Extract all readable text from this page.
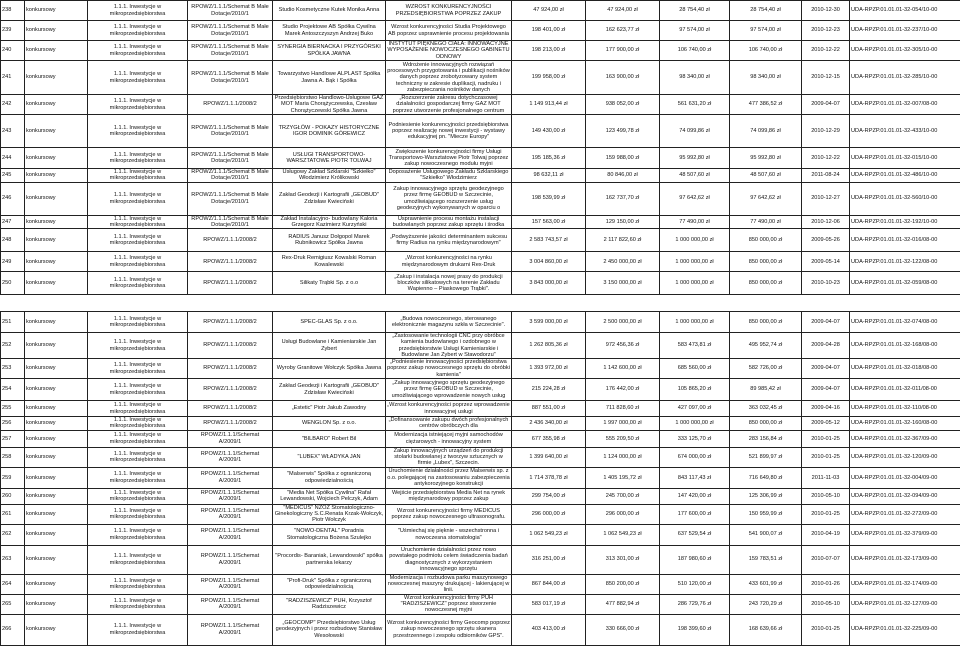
238	konkursowy	1.1.1. Inwestycje w mikroprzedsiębiorstwa	RPOWZ/1.1.1/Schemat B Małe Dotacje/2010/1	Studio Kosmetyczne Kutek Monika Anna	WZROST KONKURENCYJNOŚCI PRZEDSIĘBIORSTWA POPRZEZ ZAKUP	47 924,00 zł	47 924,00 zł	28 754,40 zł	28 754,40 zł	2010-12-30	UDA-RPZP.01.01.01-32-054/10-00
239	konkursowy	1.1.1. Inwestycje w mikroprzedsiębiorstwa	RPOWZ/1.1.1/Schemat B Małe Dotacje/2010/1	Studio Projektowe AB Spółka Cywilna Marek Antoszczyszyn Andrzej Buko	Wzrost konkurencyjności Studia Projektowego AB poprzez usprawnienie procesu projektowania	198 401,00 zł	162 623,77 zł	97 574,00 zł	97 574,00 zł	2010-12-23	UDA-RPZP.01.01.01-32-237/10-00
240	konkursowy	1.1.1. Inwestycje w mikroprzedsiębiorstwa	RPOWZ/1.1.1/Schemat B Małe Dotacje/2010/1	SYNERGIA BIERNACKA I PRZYGÓRSKI SPÓŁKA JAWNA	INSTYTUT PIĘKNEGO CIAŁA: INNOWACYJNE WYPOSAŻENIE NOWOCZESNEGO GABINETU ODNOWY	198 213,00 zł	177 900,00 zł	106 740,00 zł	106 740,00 zł	2010-12-22	UDA-RPZP.01.01.01-32-305/10-00
241	konkursowy	1.1.1. Inwestycje w mikroprzedsiębiorstwa	RPOWZ/1.1.1/Schemat B Małe Dotacje/2010/1	Towarzystwo Handlowe ALPLAST Spółka Jawna A. Bąk i Spółka	Wdrożenie innowacyjnych rozwiązań procesowych przygotowania i publikacji nośników danych poprzez zrobotyzowany system techniczny w zakresie duplikacji, nadruku i zabezpieczania nośników danych	199 958,00 zł	163 900,00 zł	98 340,00 zł	98 340,00 zł	2010-12-15	UDA-RPZP.01.01.01-32-285/10-00
242	konkursowy	1.1.1. Inwestycje w mikroprzedsiębiorstwa	RPOWZ/1.1.1/2008/2	Przedsiębiorstwo Handlowo-Usługowe GAZ MOT Maria Chorążyczewska, Czesław Chorążyczewski Spółka Jawna	„Rozszerzenie zakresu dotychczasowej działalności gospodarczej firmy GAZ MOT poprzez utworzenie profesjonalnego centrum	1 149 913,44 zł	938 052,00 zł	561 631,20 zł	477 386,52 zł	2009-04-07	UDA-RPZP.01.01.01-32-007/08-00
243	konkursowy	1.1.1. Inwestycje w mikroprzedsiębiorstwa	RPOWZ/1.1.1/Schemat B Małe Dotacje/2010/1	TRZYGŁÓW - POKAZY HISTORYCZNE IGOR DOMINIK GÓREWICZ	Podniesienie konkurencyjności przedsiębiorstwa poprzez realizację nowej inwestycji - wystawy edukacyjnej pn. "Miecze Europy"	149 430,00 zł	123 499,78 zł	74 099,86 zł	74 099,86 zł	2010-12-29	UDA-RPZP.01.01.01-32-433/10-00
244	konkursowy	1.1.1. Inwestycje w mikroprzedsiębiorstwa	RPOWZ/1.1.1/Schemat B Małe Dotacje/2010/1	USŁUGI TRANSPORTOWO-WARSZTATOWE PIOTR TOLWAJ	Zwiększenie konkurencyjności firmy Usługi Transportowo-Warsztatowe Piotr Tolwaj poprzez zakup nowoczesnego modułu myjni	195 185,36 zł	159 988,00 zł	95 992,80 zł	95 992,80 zł	2010-12-22	UDA-RPZP.01.01.01-32-015/10-00
245	konkursowy	1.1.1. Inwestycje w mikroprzedsiębiorstwa	RPOWZ/1.1.1/Schemat B Małe Dotacje/2010/1	Usługowy Zakład Szklarski "Szkiełko" Włodzimierz Królikowski	Doposażenie Usługowego Zakładu Szklarskiego "Szkiełko" Włodzimierz	98 632,11 zł	80 846,00 zł	48 507,60 zł	48 507,60 zł	2011-08-24	UDA-RPZP.01.01.01-32-486/10-00
246	konkursowy	1.1.1. Inwestycje w mikroprzedsiębiorstwa	RPOWZ/1.1.1/Schemat B Małe Dotacje/2010/1	Zakład Geodezji i Kartografii „GEOBUD" Zdzisław Kwieciński	Zakup innowacyjnego sprzętu geodezyjnego przez firmę GEOBUD w Szczecinie, umożliwiającego rozszerzenie usług geodezyjnych wykonywanych w oparciu o	198 539,99 zł	162 737,70 zł	97 642,62 zł	97 642,62 zł	2010-12-27	UDA-RPZP.01.01.01-32-560/10-00
247	konkursowy	1.1.1. Inwestycje w mikroprzedsiębiorstwa	RPOWZ/1.1.1/Schemat B Małe Dotacje/2010/1	Zakład Instalacyjno- budowlany Kaloria Grzegorz Kazimierz Kurzyński	Usprawnienie procesu montażu instalacji budowlanych poprzez zakup sprzętu i środka	157 563,00 zł	129 150,00 zł	77 490,00 zł	77 490,00 zł	2010-12-06	UDA-RPZP.01.01.01-32-192/10-00
248	konkursowy	1.1.1. Inwestycje w mikroprzedsiębiorstwa	RPOWZ/1.1.1/2008/2	RADIUS Janusz Dołgopol Marek Rubnikowicz Spółka Jawna	„Podwyższenie jakości determinantem sukcesu firmy Radius na rynku międzynarodowym"	2 583 743,57 zł	2 117 822,60 zł	1 000 000,00 zł	850 000,00 zł	2009-05-26	UDA-RPZP.01.01.01-32-016/08-00
249	konkursowy	1.1.1. Inwestycje w mikroprzedsiębiorstwa	RPOWZ/1.1.1/2008/2	Rex-Druk Remigiusz Kowalski Roman Kowalewski	„Wzrost konkurencyjności na rynku międzynarodowym drukarni Rex-Druk	3 004 860,00 zł	2 450 000,00 zł	1 000 000,00 zł	850 000,00 zł	2009-05-14	UDA-RPZP.01.01.01-32-122/08-00
250	konkursowy	1.1.1. Inwestycje w mikroprzedsiębiorstwa	RPOWZ/1.1.1/2008/2	Silikaty Trąbki Sp. z o.o	„Zakup i instalacja nowej prasy do produkcji bloczków silikatowych na terenie Zakładu Wapienno – Piaskowego Trąbki".	3 843 000,00 zł	3 150 000,00 zł	1 000 000,00 zł	850 000,00 zł	2010-10-23	UDA-RPZP.01.01.01-32-059/08-00
251	konkursowy	1.1.1. Inwestycje w mikroprzedsiębiorstwa	RPOWZ/1.1.1/2008/2	SPEC-GLAS Sp. z o.o.	„Budowa nowoczesnego, sterowanego elektronicznie magazynu szkła w Szczecinie".	3 599 000,00 zł	2 500 000,00 zł	1 000 000,00 zł	850 000,00 zł	2009-04-07	UDA-RPZP.01.01.01-32-074/08-00
252	konkursowy	1.1.1. Inwestycje w mikroprzedsiębiorstwa	RPOWZ/1.1.1/2008/2	Usługi Budowlane i Kamieniarskie Jan Zybert	„Zastosowanie technologii CNC przy obróbce kamienia budowlanego i ozdobnego w przedsiębiorstwie Usługi Kamieniarskie i Budowlane Jan Zybert w Stawodorzu"	1 262 805,36 zł	972 456,36 zł	583 473,81 zł	495 952,74 zł	2009-04-28	UDA-RPZP.01.01.01-32-168/08-00
253	konkursowy	1.1.1. Inwestycje w mikroprzedsiębiorstwa	RPOWZ/1.1.1/2008/2	Wyroby Granitowe Wołczyk Spółka Jawna	„Podniesienie innowacyjności przedsiębiorstwa poprzez zakup nowoczesnego sprzętu do obróbki kamienia"	1 393 972,00 zł	1 142 600,00 zł	685 560,00 zł	582 726,00 zł	2009-04-07	UDA-RPZP.01.01.01-32-018/08-00
254	konkursowy	1.1.1. Inwestycje w mikroprzedsiębiorstwa	RPOWZ/1.1.1/2008/2	Zakład Geodezji i Kartografii „GEOBUD" Zdzisław Kwieciński	„Zakup innowacyjnego sprzętu geodezyjnego przez firmę GEOBUD w Szczecinie, umożliwiającego wprowadzenie nowych usług	215 224,28 zł	176 442,00 zł	105 865,20 zł	89 985,42 zł	2009-04-07	UDA-RPZP.01.01.01-32-011/08-00
255	konkursowy	1.1.1. Inwestycje w mikroprzedsiębiorstwa	RPOWZ/1.1.1/2008/2	„Estetic" Piotr Jakub Zawodny	„Wzrost konkurencyjności poprzez wprowadzenie innowacyjnej usługi	887 551,00 zł	711 828,60 zł	427 097,00 zł	363 032,45 zł	2009-04-16	UDA-RPZP.01.01.01-32-110/08-00
256	konkursowy	1.1.1. Inwestycje w mikroprzedsiębiorstwa	RPOWZ/1.1.1/2008/2	WENGLON Sp. z o.o.	„Dofinansowanie zakupu dwóch profesjonalnych centrów obróbczych dla	2 436 340,00 zł	1 997 000,00 zł	1 000 000,00 zł	850 000,00 zł	2009-05-12	UDA-RPZP.01.01.01-32-160/08-00
257	konkursowy	1.1.1. Inwestycje w mikroprzedsiębiorstwa	RPOWZ/1.1.1/Schemat A/2009/1	"BILBARO" Robert Bil	Modernizacja istniejącej myjni samochodów ciężarowych - innowacyjny system	677 355,98 zł	555 209,50 zł	333 125,70 zł	283 156,84 zł	2010-01-25	UDA-RPZP.01.01.01-32-367/09-00
258	konkursowy	1.1.1. Inwestycje w mikroprzedsiębiorstwa	RPOWZ/1.1.1/Schemat A/2009/1	"LUBEX" WŁADYKA JAN	Zakup innowacyjnych urządzeń do produkcji stolarki budowlanej z tworzyw sztucznych w firmie „Lubex", Szczecin.	1 399 640,00 zł	1 124 000,00 zł	674 000,00 zł	521 899,97 zł	2010-01-25	UDA-RPZP.01.01.01-32-120/09-00
259	konkursowy	1.1.1. Inwestycje w mikroprzedsiębiorstwa	RPOWZ/1.1.1/Schemat A/2009/1	"Malserwis" Spółka z ograniczoną odpowiedzialnością	Uruchomienie działalności przez Malserwis sp. z o.o. polegającej na zastosowaniu zabezpieczenia antykorozyjnego konstrukcji	1 714 378,78 zł	1 405 195,72 zł	843 117,43 zł	716 649,80 zł	2011-11-03	UDA-RPZP.01.01.01-32-004/09-00
260	konkursowy	1.1.1. Inwestycje w mikroprzedsiębiorstwa	RPOWZ/1.1.1/Schemat A/2009/1	"Media Net Spółka Cywilna" Rafał Lewandowski, Wojciech Pelczyk, Adam	Wejście przedsiębiorstwa Media Net na rynek międzynarodowy poprzez zakup	299 754,00 zł	245 700,00 zł	147 420,00 zł	125 306,99 zł	2010-05-10	UDA-RPZP.01.01.01-32-094/09-00
261	konkursowy	1.1.1. Inwestycje w mikroprzedsiębiorstwa	RPOWZ/1.1.1/Schemat A/2009/1	"MEDICUS" NZOZ Stomatologiczno-Ginekologiczny S.C.Renata Krzak-Wołczyk, Piotr Wołczyk	Wzrost konkurencyjności firmy MEDICUS poprzez zakup nowoczesnego ultrasonografu.	296 000,00 zł	296 000,00 zł	177 600,00 zł	150 959,99 zł	2010-01-25	UDA-RPZP.01.01.01-32-272/09-00
262	konkursowy	1.1.1. Inwestycje w mikroprzedsiębiorstwa	RPOWZ/1.1.1/Schemat A/2009/1	"NOWO-DENTAL" Poradnia Stomatologiczna Bożena Szulejko	"Uśmiechaj się pięknie - wszechstronna i nowoczesna stomatologia"	1 062 549,23 zł	1 062 549,23 zł	637 529,54 zł	541 900,07 zł	2010-04-19	UDA-RPZP.01.01.01-32-379/09-00
263	konkursowy	1.1.1. Inwestycje w mikroprzedsiębiorstwa	RPOWZ/1.1.1/Schemat A/2009/1	"Procordis- Baraniak, Lewandowski" spółka partnerska lekarzy	Uruchomienie działalności przez nowo powstałego podmiotu celem świadczenia badań diagnostycznych z wykorzystaniem innowacyjnego sprzętu	316 251,00 zł	313 301,00 zł	187 980,60 zł	159 783,51 zł	2010-07-07	UDA-RPZP.01.01.01-32-173/09-00
264	konkursowy	1.1.1. Inwestycje w mikroprzedsiębiorstwa	RPOWZ/1.1.1/Schemat A/2009/1	"Profi-Druk" Spółka z ograniczoną odpowiedzialnością	Modernizacja i rozbudowa parku maszynowego nowoczesnej maszyny drukującej - lakierującej w linii.	867 844,00 zł	850 200,00 zł	510 120,00 zł	433 601,99 zł	2010-01-26	UDA-RPZP.01.01.01-32-174/09-00
265	konkursowy	1.1.1. Inwestycje w mikroprzedsiębiorstwa	RPOWZ/1.1.1/Schemat A/2009/1	"RADZISZEWICZ" PUH, Krzysztof Radziszewicz	Wzrost konkurencyjności firmy PUH "RADZISZEWICZ" poprzez stworzenie nowoczesnej myjni	583 017,19 zł	477 882,94 zł	286 729,76 zł	243 720,29 zł	2010-05-10	UDA-RPZP.01.01.01-32-127/09-00
266	konkursowy	1.1.1. Inwestycje w mikroprzedsiębiorstwa	RPOWZ/1.1.1/Schemat A/2009/1	„GEOCOMP" Przedsiębiorstwo Usług geodezyjnych i przez rozbudowę Stanisław Wesołowski	Wzrost konkurencyjności firmy Geocomp poprzez zakup nowoczesnego sprzętu skanera przestrzennego i zespołu odbiorników GPS".	403 413,00 zł	330 666,00 zł	198 399,60 zł	168 639,66 zł	2010-01-25	UDA-RPZP.01.01.01-32-225/09-00
